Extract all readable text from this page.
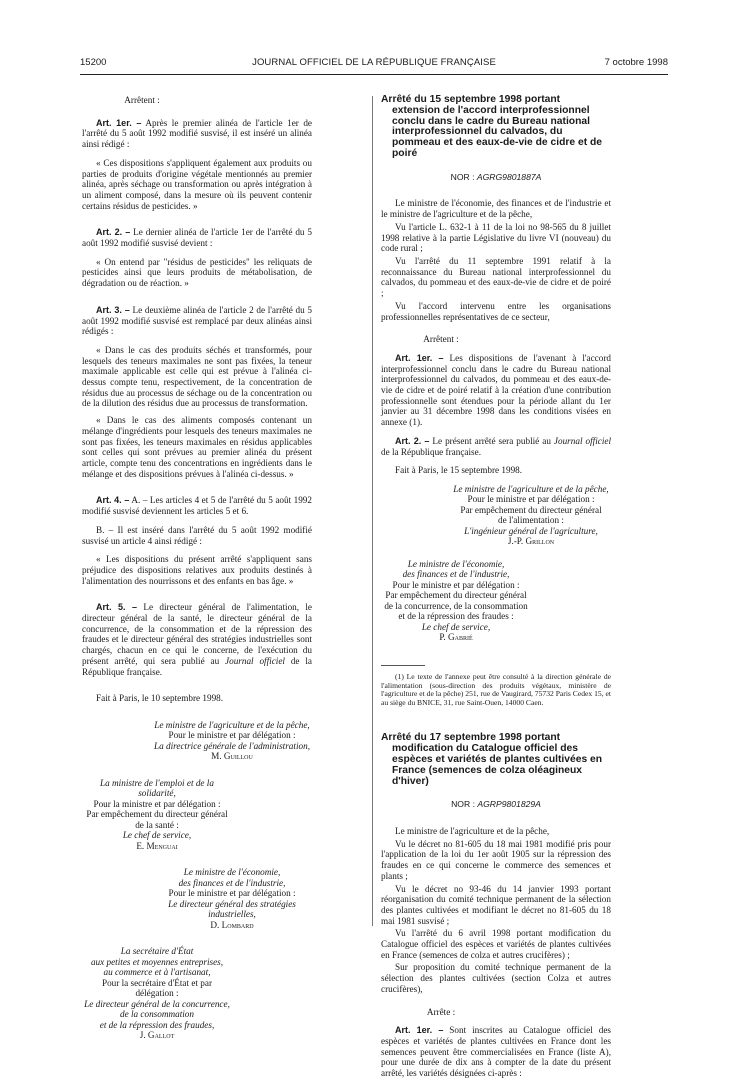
15200	JOURNAL OFFICIEL DE LA RÉPUBLIQUE FRANÇAISE	7 octobre 1998

Arrêtent :

Art. 1er. – Après le premier alinéa de l'article 1er de l'arrêté du 5 août 1992 modifié susvisé, il est inséré un alinéa ainsi rédigé :

« Ces dispositions s'appliquent également aux produits ou parties de produits d'origine végétale mentionnés au premier alinéa, après séchage ou transformation ou après intégration à un aliment composé, dans la mesure où ils peuvent contenir certains résidus de pesticides. »

Art. 2. – Le dernier alinéa de l'article 1er de l'arrêté du 5 août 1992 modifié susvisé devient :

« On entend par "résidus de pesticides" les reliquats de pesticides ainsi que leurs produits de métabolisation, de dégradation ou de réaction. »

Art. 3. – Le deuxième alinéa de l'article 2 de l'arrêté du 5 août 1992 modifié susvisé est remplacé par deux alinéas ainsi rédigés :

« Dans le cas des produits séchés et transformés, pour lesquels des teneurs maximales ne sont pas fixées, la teneur maximale applicable est celle qui est prévue à l'alinéa ci-dessus compte tenu, respectivement, de la concentration de résidus due au processus de séchage ou de la concentration ou de la dilution des résidus due au processus de transformation.

« Dans le cas des aliments composés contenant un mélange d'ingrédients pour lesquels des teneurs maximales ne sont pas fixées, les teneurs maximales en résidus applicables sont celles qui sont prévues au premier alinéa du présent article, compte tenu des concentrations en ingrédients dans le mélange et des dispositions prévues à l'alinéa ci-dessus. »

Art. 4. – A. – Les articles 4 et 5 de l'arrêté du 5 août 1992 modifié susvisé deviennent les articles 5 et 6.

B. – Il est inséré dans l'arrêté du 5 août 1992 modifié susvisé un article 4 ainsi rédigé :

« Les dispositions du présent arrêté s'appliquent sans préjudice des dispositions relatives aux produits destinés à l'alimentation des nourrissons et des enfants en bas âge. »

Art. 5. – Le directeur général de l'alimentation, le directeur général de la santé, le directeur général de la concurrence, de la consommation et de la répression des fraudes et le directeur général des stratégies industrielles sont chargés, chacun en ce qui le concerne, de l'exécution du présent arrêté, qui sera publié au Journal officiel de la République française.

Fait à Paris, le 10 septembre 1998.

Le ministre de l'agriculture et de la pêche,
Pour le ministre et par délégation :
La directrice générale de l'administration,
M. Guillou
La ministre de l'emploi et de la solidarité,
Pour la ministre et par délégation :
Par empêchement du directeur général
de la santé :
Le chef de service,
E. Menguai
Le ministre de l'économie,
des finances et de l'industrie,
Pour le ministre et par délégation :
Le directeur général des stratégies industrielles,
D. Lombard
La secrétaire d'État
aux petites et moyennes entreprises,
au commerce et à l'artisanat,
Pour la secrétaire d'État et par délégation :
Le directeur général de la concurrence,
de la consommation
et de la répression des fraudes,
J. Gallot

Arrêté du 15 septembre 1998 portant extension de l'accord interprofessionnel conclu dans le cadre du Bureau national interprofessionnel du calvados, du pommeau et des eaux-de-vie de cidre et de poiré

NOR : AGRG9801887A

Le ministre de l'économie, des finances et de l'industrie et le ministre de l'agriculture et de la pêche,

Vu l'article L. 632-1 à 11 de la loi no 98-565 du 8 juillet 1998 relative à la partie Législative du livre VI (nouveau) du code rural ;

Vu l'arrêté du 11 septembre 1991 relatif à la reconnaissance du Bureau national interprofessionnel du calvados, du pommeau et des eaux-de-vie de cidre et de poiré ;

Vu l'accord intervenu entre les organisations professionnelles représentatives de ce secteur,

Arrêtent :

Art. 1er. – Les dispositions de l'avenant à l'accord interprofessionnel conclu dans le cadre du Bureau national interprofessionnel du calvados, du pommeau et des eaux-de-vie de cidre et de poiré relatif à la création d'une contribution professionnelle sont étendues pour la période allant du 1er janvier au 31 décembre 1998 dans les conditions visées en annexe (1).

Art. 2. – Le présent arrêté sera publié au Journal officiel de la République française.

Fait à Paris, le 15 septembre 1998.

Le ministre de l'agriculture et de la pêche,
Pour le ministre et par délégation :
Par empêchement du directeur général
de l'alimentation :
L'ingénieur général de l'agriculture,
J.-P. Grillon
Le ministre de l'économie,
des finances et de l'industrie,
Pour le ministre et par délégation :
Par empêchement du directeur général
de la concurrence, de la consommation
et de la répression des fraudes :
Le chef de service,
P. Gabrié

(1) Le texte de l'annexe peut être consulté à la direction générale de l'alimentation (sous-direction des produits végétaux, ministère de l'agriculture et de la pêche) 251, rue de Vaugirard, 75732 Paris Cedex 15, et au siège du BNICE, 31, rue Saint-Ouen, 14000 Caen.

Arrêté du 17 septembre 1998 portant modification du Catalogue officiel des espèces et variétés de plantes cultivées en France (semences de colza oléagineux d'hiver)

NOR : AGRP9801829A

Le ministre de l'agriculture et de la pêche,

Vu le décret no 81-605 du 18 mai 1981 modifié pris pour l'application de la loi du 1er août 1905 sur la répression des fraudes en ce qui concerne le commerce des semences et plants ;

Vu le décret no 93-46 du 14 janvier 1993 portant réorganisation du comité technique permanent de la sélection des plantes cultivées et modifiant le décret no 81-605 du 18 mai 1981 susvisé ;

Vu l'arrêté du 6 avril 1998 portant modification du Catalogue officiel des espèces et variétés de plantes cultivées en France (semences de colza et autres crucifères) ;

Sur proposition du comité technique permanent de la sélection des plantes cultivées (section Colza et autres crucifères),

Arrête :

Art. 1er. – Sont inscrites au Catalogue officiel des espèces et variétés de plantes cultivées en France dont les semences peuvent être commercialisées en France (liste A), pour une durée de dix ans à compter de la date du présent arrêté, les variétés désignées ci-après :
